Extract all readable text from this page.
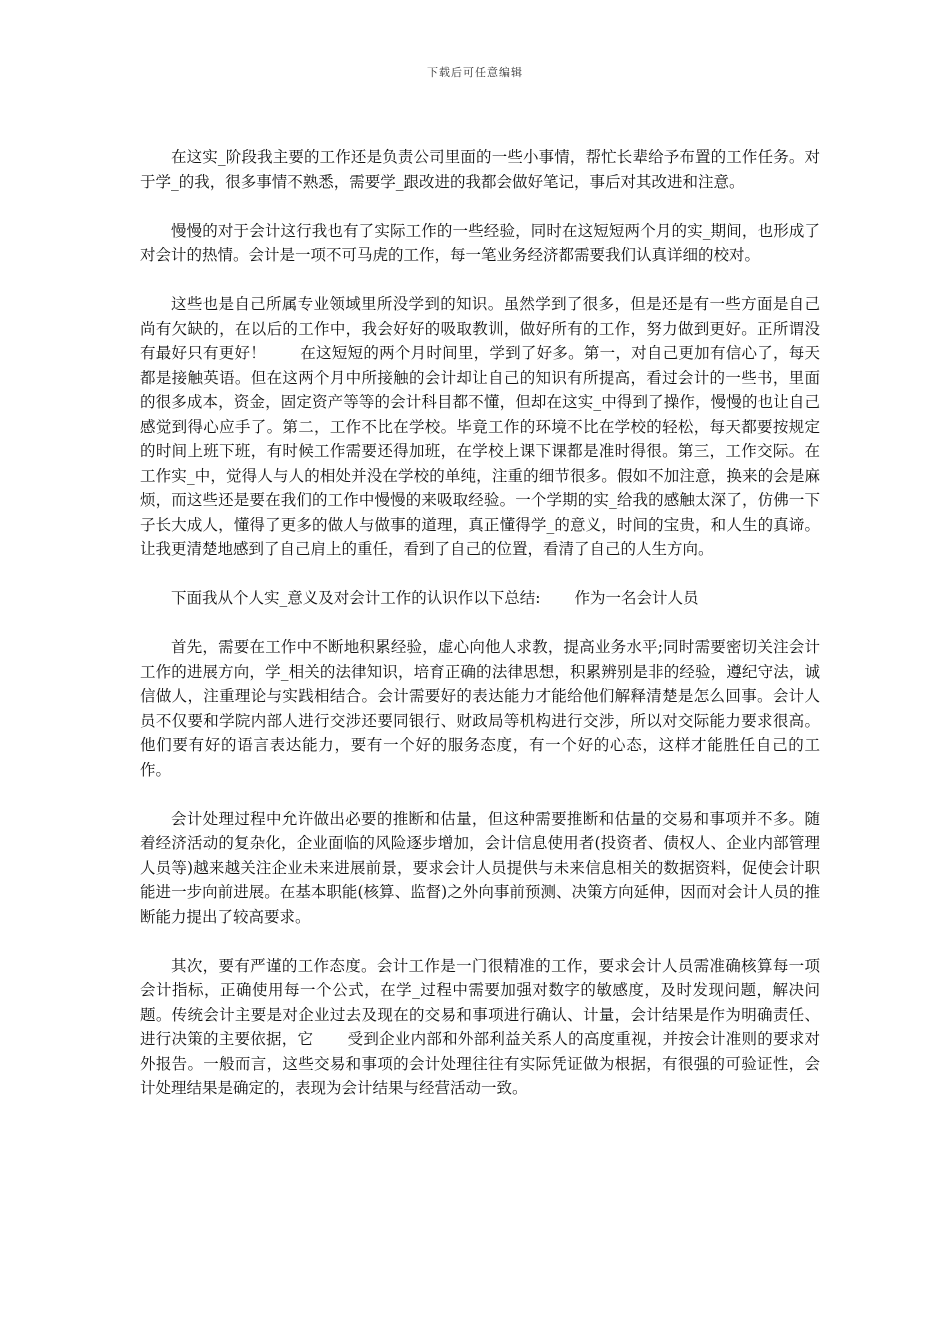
下载后可任意编辑

在这实_阶段我主要的工作还是负责公司里面的一些小事情，帮忙长辈给予布置的工作任务。对于学_的我，很多事情不熟悉，需要学_跟改进的我都会做好笔记，事后对其改进和注意。

慢慢的对于会计这行我也有了实际工作的一些经验，同时在这短短两个月的实_期间，也形成了对会计的热情。会计是一项不可马虎的工作，每一笔业务经济都需要我们认真详细的校对。

这些也是自己所属专业领域里所没学到的知识。虽然学到了很多，但是还是有一些方面是自己尚有欠缺的，在以后的工作中，我会好好的吸取教训，做好所有的工作，努力做到更好。正所谓没有最好只有更好！ 在这短短的两个月时间里，学到了好多。第一，对自己更加有信心了，每天都是接触英语。但在这两个月中所接触的会计却让自己的知识有所提高，看过会计的一些书，里面的很多成本，资金，固定资产等等的会计科目都不懂，但却在这实_中得到了操作，慢慢的也让自己感觉到得心应手了。第二，工作不比在学校。毕竟工作的环境不比在学校的轻松，每天都要按规定的时间上班下班，有时候工作需要还得加班，在学校上课下课都是准时得很。第三，工作交际。在工作实_中，觉得人与人的相处并没在学校的单纯，注重的细节很多。假如不加注意，换来的会是麻烦，而这些还是要在我们的工作中慢慢的来吸取经验。一个学期的实_给我的感触太深了，仿佛一下子长大成人，懂得了更多的做人与做事的道理，真正懂得学_的意义，时间的宝贵，和人生的真谛。让我更清楚地感到了自己肩上的重任，看到了自己的位置，看清了自己的人生方向。

下面我从个人实_意义及对会计工作的认识作以下总结: 作为一名会计人员

首先，需要在工作中不断地积累经验，虚心向他人求教，提高业务水平;同时需要密切关注会计工作的进展方向，学_相关的法律知识，培育正确的法律思想，积累辨别是非的经验，遵纪守法，诚信做人，注重理论与实践相结合。会计需要好的表达能力才能给他们解释清楚是怎么回事。会计人员不仅要和学院内部人进行交涉还要同银行、财政局等机构进行交涉，所以对交际能力要求很高。他们要有好的语言表达能力，要有一个好的服务态度，有一个好的心态，这样才能胜任自己的工作。

会计处理过程中允许做出必要的推断和估量，但这种需要推断和估量的交易和事项并不多。随着经济活动的复杂化，企业面临的风险逐步增加，会计信息使用者(投资者、债权人、企业内部管理人员等)越来越关注企业未来进展前景，要求会计人员提供与未来信息相关的数据资料，促使会计职能进一步向前进展。在基本职能(核算、监督)之外向事前预测、决策方向延伸，因而对会计人员的推断能力提出了较高要求。

其次，要有严谨的工作态度。会计工作是一门很精准的工作，要求会计人员需准确核算每一项会计指标，正确使用每一个公式，在学_过程中需要加强对数字的敏感度，及时发现问题，解决问题。传统会计主要是对企业过去及现在的交易和事项进行确认、计量，会计结果是作为明确责任、进行决策的主要依据，它 受到企业内部和外部利益关系人的高度重视，并按会计准则的要求对外报告。一般而言，这些交易和事项的会计处理往往有实际凭证做为根据，有很强的可验证性，会计处理结果是确定的，表现为会计结果与经营活动一致。
